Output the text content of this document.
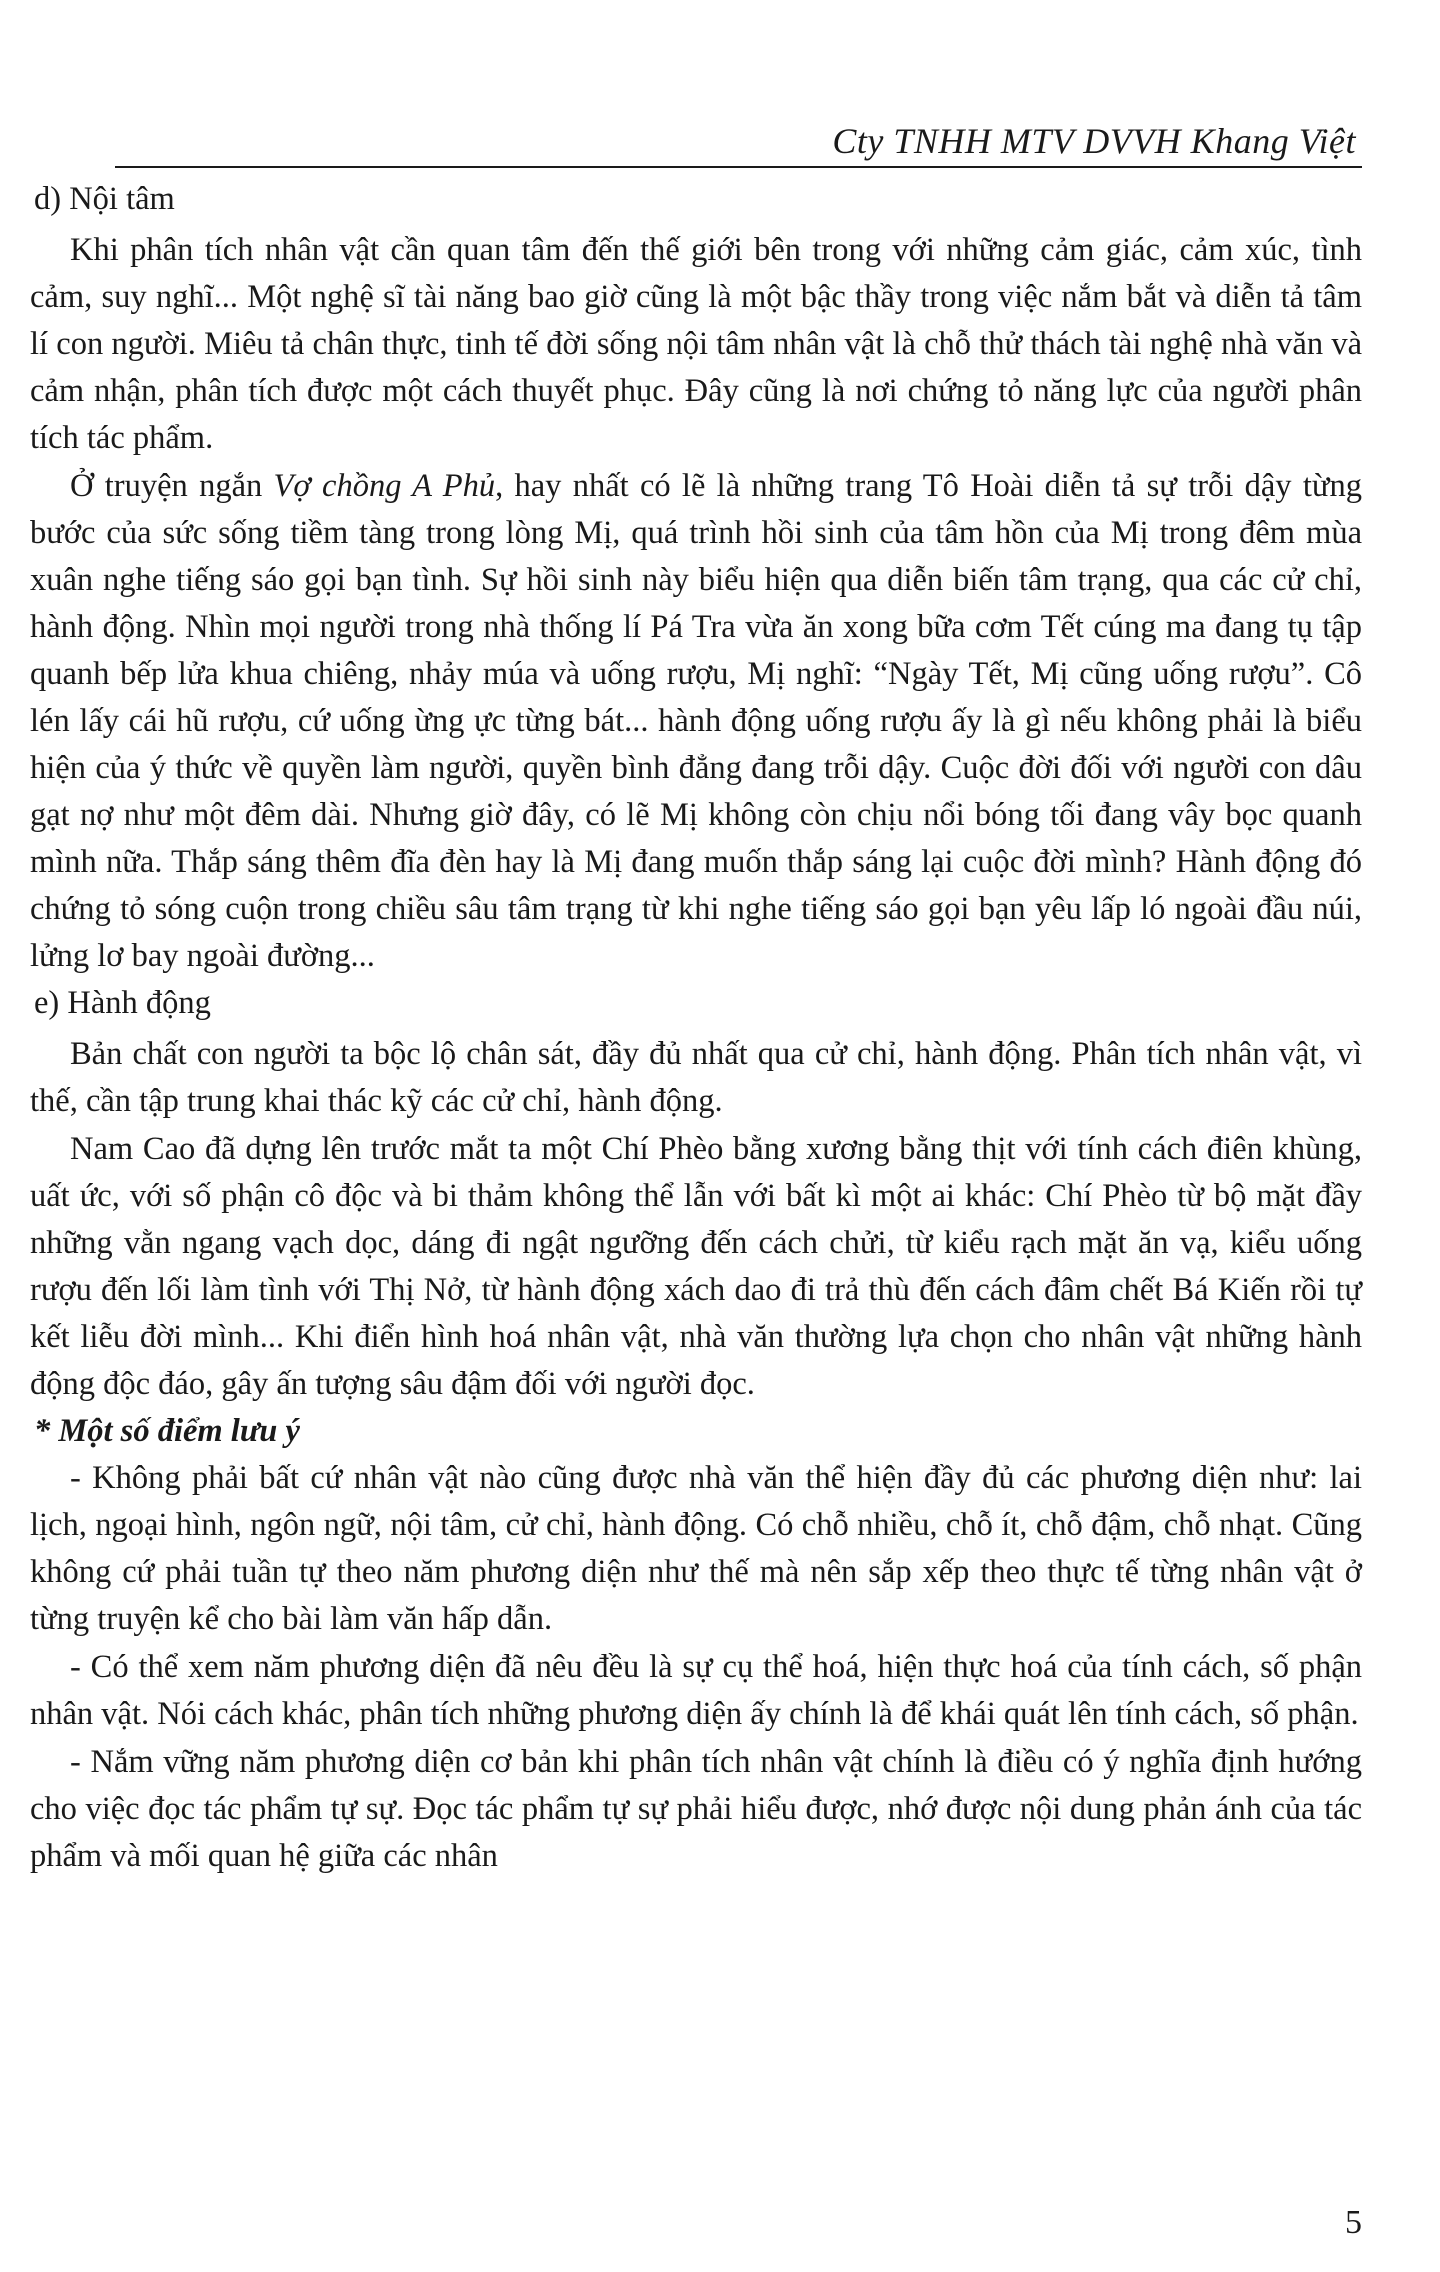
Cty TNHH MTV DVVH Khang Việt
d) Nội tâm

Khi phân tích nhân vật cần quan tâm đến thế giới bên trong với những cảm giác, cảm xúc, tình cảm, suy nghĩ... Một nghệ sĩ tài năng bao giờ cũng là một bậc thầy trong việc nắm bắt và diễn tả tâm lí con người. Miêu tả chân thực, tinh tế đời sống nội tâm nhân vật là chỗ thử thách tài nghệ nhà văn và cảm nhận, phân tích được một cách thuyết phục. Đây cũng là nơi chứng tỏ năng lực của người phân tích tác phẩm.

Ở truyện ngắn Vợ chồng A Phủ, hay nhất có lẽ là những trang Tô Hoài diễn tả sự trỗi dậy từng bước của sức sống tiềm tàng trong lòng Mị, quá trình hồi sinh của tâm hồn của Mị trong đêm mùa xuân nghe tiếng sáo gọi bạn tình. Sự hồi sinh này biểu hiện qua diễn biến tâm trạng, qua các cử chỉ, hành động. Nhìn mọi người trong nhà thống lí Pá Tra vừa ăn xong bữa cơm Tết cúng ma đang tụ tập quanh bếp lửa khua chiêng, nhảy múa và uống rượu, Mị nghĩ: “Ngày Tết, Mị cũng uống rượu”. Cô lén lấy cái hũ rượu, cứ uống ừng ực từng bát... hành động uống rượu ấy là gì nếu không phải là biểu hiện của ý thức về quyền làm người, quyền bình đẳng đang trỗi dậy. Cuộc đời đối với người con dâu gạt nợ như một đêm dài. Nhưng giờ đây, có lẽ Mị không còn chịu nổi bóng tối đang vây bọc quanh mình nữa. Thắp sáng thêm đĩa đèn hay là Mị đang muốn thắp sáng lại cuộc đời mình? Hành động đó chứng tỏ sóng cuộn trong chiều sâu tâm trạng từ khi nghe tiếng sáo gọi bạn yêu lấp ló ngoài đầu núi, lửng lơ bay ngoài đường...

e) Hành động

Bản chất con người ta bộc lộ chân sát, đầy đủ nhất qua cử chỉ, hành động. Phân tích nhân vật, vì thế, cần tập trung khai thác kỹ các cử chỉ, hành động.

Nam Cao đã dựng lên trước mắt ta một Chí Phèo bằng xương bằng thịt với tính cách điên khùng, uất ức, với số phận cô độc và bi thảm không thể lẫn với bất kì một ai khác: Chí Phèo từ bộ mặt đầy những vằn ngang vạch dọc, dáng đi ngật ngưỡng đến cách chửi, từ kiểu rạch mặt ăn vạ, kiểu uống rượu đến lối làm tình với Thị Nở, từ hành động xách dao đi trả thù đến cách đâm chết Bá Kiến rồi tự kết liễu đời mình... Khi điển hình hoá nhân vật, nhà văn thường lựa chọn cho nhân vật những hành động độc đáo, gây ấn tượng sâu đậm đối với người đọc.

* Một số điểm lưu ý

- Không phải bất cứ nhân vật nào cũng được nhà văn thể hiện đầy đủ các phương diện như: lai lịch, ngoại hình, ngôn ngữ, nội tâm, cử chỉ, hành động. Có chỗ nhiều, chỗ ít, chỗ đậm, chỗ nhạt. Cũng không cứ phải tuần tự theo năm phương diện như thế mà nên sắp xếp theo thực tế từng nhân vật ở từng truyện kể cho bài làm văn hấp dẫn.

- Có thể xem năm phương diện đã nêu đều là sự cụ thể hoá, hiện thực hoá của tính cách, số phận nhân vật. Nói cách khác, phân tích những phương diện ấy chính là để khái quát lên tính cách, số phận.

- Nắm vững năm phương diện cơ bản khi phân tích nhân vật chính là điều có ý nghĩa định hướng cho việc đọc tác phẩm tự sự. Đọc tác phẩm tự sự phải hiểu được, nhớ được nội dung phản ánh của tác phẩm và mối quan hệ giữa các nhân

5
